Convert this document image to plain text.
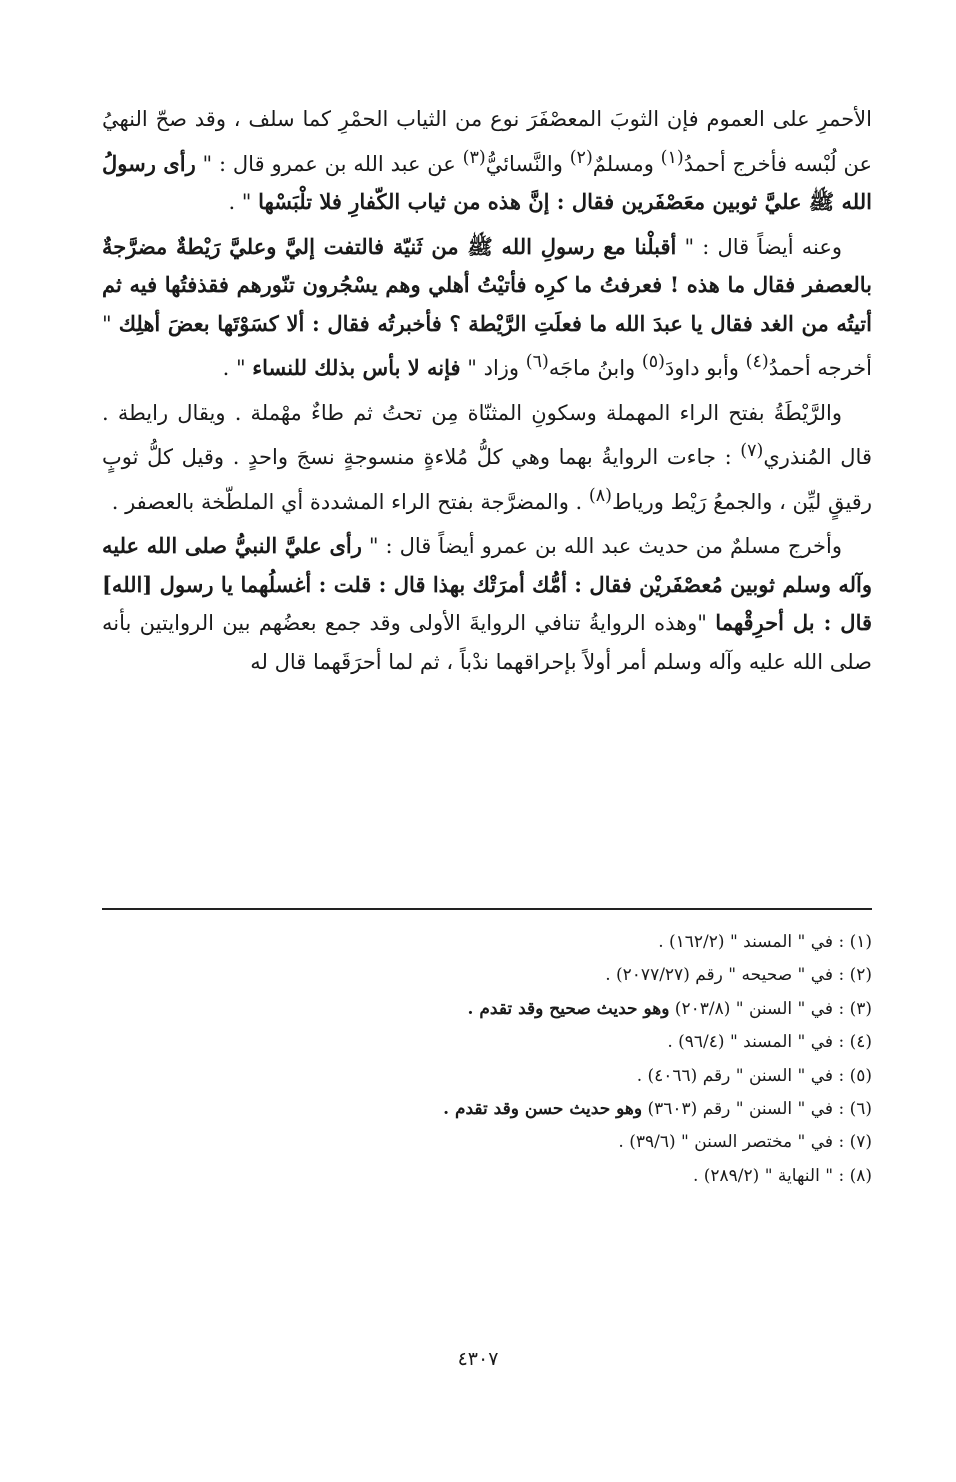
الأحمرِ على العموم فإن الثوبَ المعصْفَرَ نوع من الثياب الحمْرِ كما سلف ، وقد صحّ النهيُ عن لُبْسه فأخرج أحمدُ$^{(١)}$ ومسلمٌ$^{(٢)}$ والنَّسائيُّ$^{(٣)}$ عن عبد الله بن عمرو قال : " رأى رسولُ الله ﷺ عليَّ ثوبين معَصْفَرين فقال : إنَّ هذه من ثياب الكّفارِ فلا تلْبَسْها " .

وعنه أيضاً قال : " أقبلْنا مع رسولِ الله ﷺ من ثَنيّة فالتفت إليَّ وعليَّ رَيْطةٌ مضرَّجةٌ بالعصفر فقال ما هذه ! فعرفتُ ما كرِه فأتيْتُ أهلي وهم يسْجُرون تنّورهم فقذفتُها فيه ثم أتيتُه من الغد فقال يا عبدَ الله ما فعلَتِ الرَّيْطة ؟ فأخبرتُه فقال : ألا كسَوْتَها بعضَ أهلِك " أخرجه أحمدُ$^{(٤)}$ وأبو داودَ$^{(٥)}$ وابنُ ماجَه$^{(٦)}$ وزاد " فإنه لا بأس بذلك للنساء " .

والرَّيْطَةُ بفتح الراء المهملة وسكونِ المثنّاة مِن تحتُ ثم طاءٌ مهْملة . ويقال رايطة . قال المُنذري$^{(٧)}$ : جاءت الروايةُ بهما وهي كلُّ مُلاءةٍ منسوجةٍ نسجَ واحدٍ . وقيل كلُّ ثوبٍ رقيقٍ ليِّن ، والجمعُ رَيْط ورياط$^{(٨)}$ . والمضرَّجة بفتح الراء المشددة أي الملطّخة بالعصفر .

وأخرج مسلمٌ من حديث عبد الله بن عمرو أيضاً قال : " رأى عليَّ النبيُّ صلى الله عليه وآله وسلم ثوبين مُعصْفَريْن فقال : أمُّك أمرَتْك بهذا قال : قلت : أغسلُهما يا رسول [الله] قال : بل أحرِقْهما "وهذه الروايةُ تنافي الروايةَ الأولى وقد جمع بعضُهم بين الروايتين بأنه صلى الله عليه وآله وسلم أمر أولاً بإحراقهما ندْباً ، ثم لما أحرَقَهما قال له

(١) : في " المسند " (١٦٢/٢) .
(٢) : في " صحيحه " رقم (٢٠٧٧/٢٧) .
(٣) : في " السنن " (٢٠٣/٨) وهو حديث صحيح وقد تقدم .
(٤) : في " المسند " (٩٦/٤) .
(٥) : في " السنن " رقم (٤٠٦٦) .
(٦) : في " السنن " رقم (٣٦٠٣) وهو حديث حسن وقد تقدم .
(٧) : في " مختصر السنن " (٣٩/٦) .
(٨) : " النهاية " (٢٨٩/٢) .
٤٣٠٧
